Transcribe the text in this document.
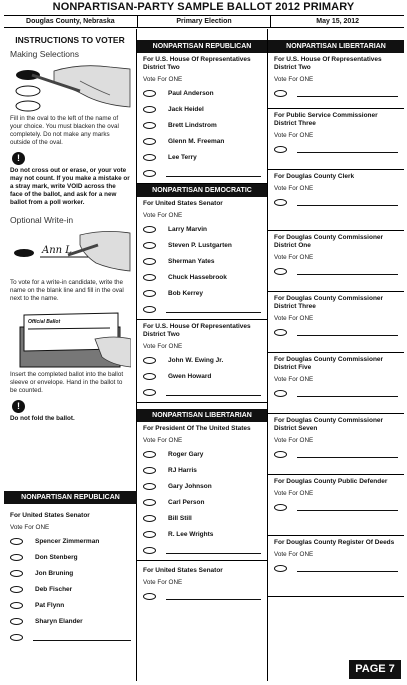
NONPARTISAN-PARTY SAMPLE BALLOT 2012 PRIMARY
Douglas County, Nebraska	Primary Election	May 15, 2012
INSTRUCTIONS TO VOTER
Making Selections
Fill in the oval to the left of the name of your choice. You must blacken the oval completely. Do not make any marks outside of the oval.
!
Do not cross out or erase, or your vote may not count. If you make a mistake or a stray mark, write VOID across the face of the ballot, and ask for a new ballot from a poll worker.
Optional Write-in
Ann L
To vote for a write-in candidate, write the name on the blank line and fill in the oval next to the name.
Official Ballot
Insert the completed ballot into the ballot sleeve or envelope. Hand in the ballot to be counted.
!
Do not fold the ballot.
NONPARTISAN REPUBLICAN
For United States Senator
Vote For ONE
Spencer Zimmerman
Don Stenberg
Jon Bruning
Deb Fischer
Pat Flynn
Sharyn Elander
NONPARTISAN REPUBLICAN
For U.S. House Of Representatives District Two
Vote For ONE
Paul Anderson
Jack Heidel
Brett Lindstrom
Glenn M. Freeman
Lee Terry
NONPARTISAN DEMOCRATIC
For United States Senator
Vote For ONE
Larry Marvin
Steven P. Lustgarten
Sherman Yates
Chuck Hassebrook
Bob Kerrey
For U.S. House Of Representatives District Two
Vote For ONE
John W. Ewing Jr.
Gwen Howard
NONPARTISAN LIBERTARIAN
For President Of The United States
Vote For ONE
Roger Gary
RJ Harris
Gary Johnson
Carl Person
Bill Still
R. Lee Wrights
For United States Senator
Vote For ONE
NONPARTISAN LIBERTARIAN
For U.S. House Of Representatives District Two
Vote For ONE
For Public Service Commissioner District Three
Vote For ONE
For Douglas County Clerk
Vote For ONE
For Douglas County Commissioner District One
Vote For ONE
For Douglas County Commissioner District Three
Vote For ONE
For Douglas County Commissioner District Five
Vote For ONE
For Douglas County Commissioner District Seven
Vote For ONE
For Douglas County Public Defender
Vote For ONE
For Douglas County Register Of Deeds
Vote For ONE
PAGE 7
